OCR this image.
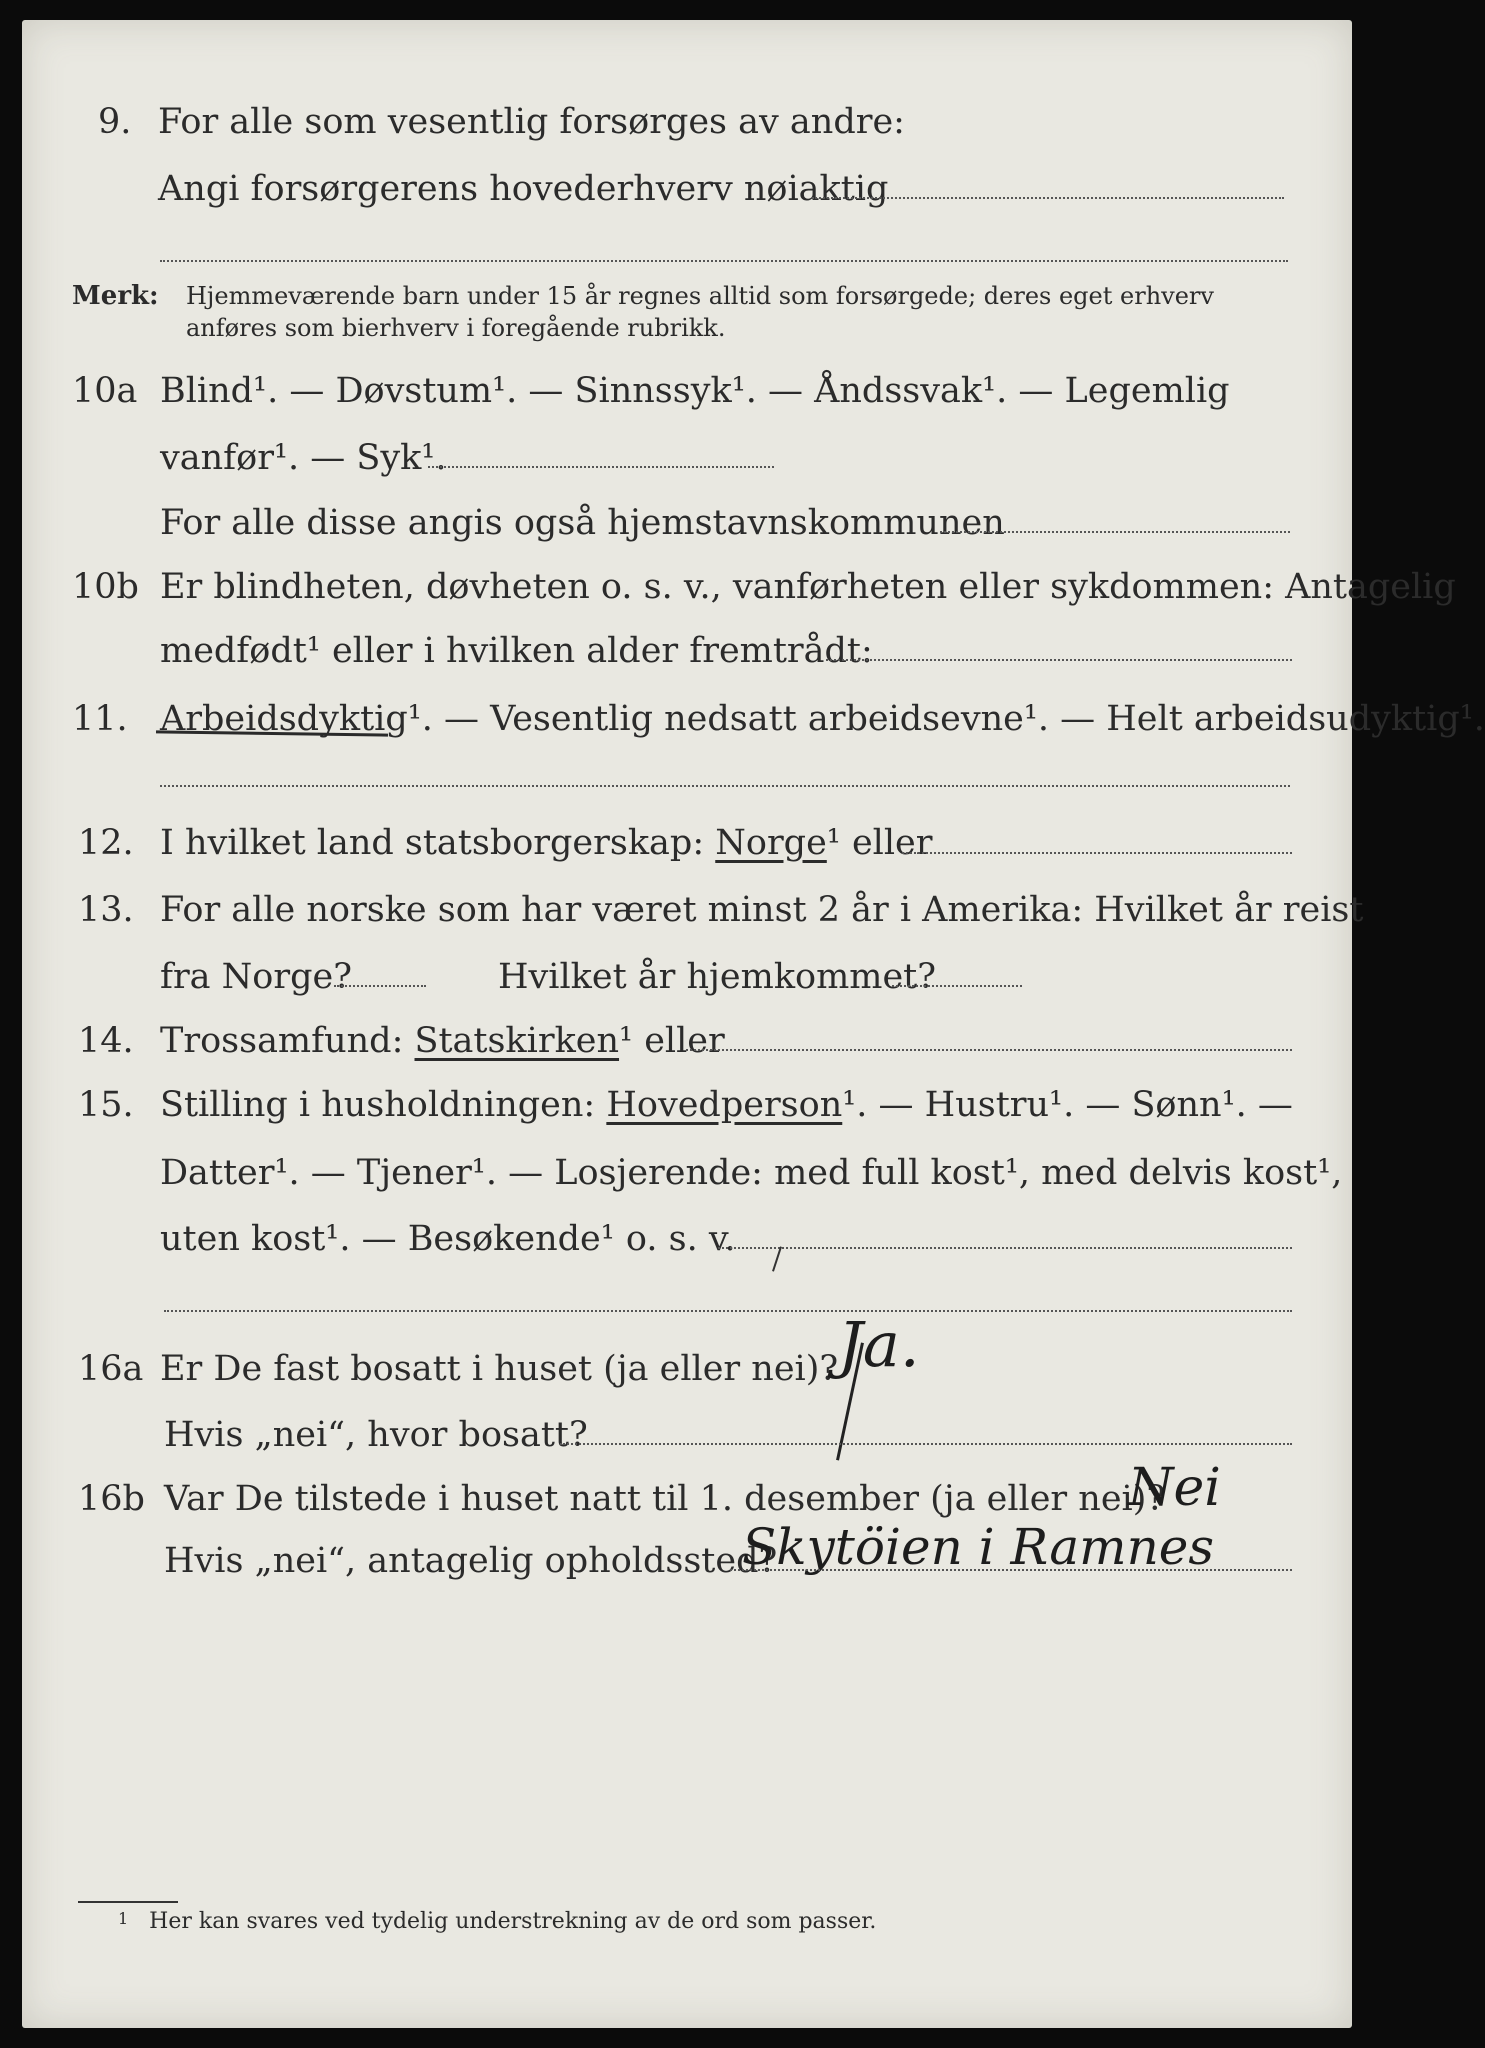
9. For alle som vesentlig forsørges av andre:
Angi forsørgerens hovederhverv nøiaktig
Merk: Hjemmeværende barn under 15 år regnes alltid som forsørgede; deres eget erhverv
anføres som bierhverv i foregående rubrikk.
10a Blind¹. — Døvstum¹. — Sinnssyk¹. — Åndssvak¹. — Legemlig
vanfør¹. — Syk¹.
For alle disse angis også hjemstavnskommunen
10b Er blindheten, døvheten o. s. v., vanførheten eller sykdommen: Antagelig
medfødt¹ eller i hvilken alder fremtrådt:
11. Arbeidsdyktig¹. — Vesentlig nedsatt arbeidsevne¹. — Helt arbeidsudyktig¹.
12. I hvilket land statsborgerskap: Norge¹ eller
13. For alle norske som har været minst 2 år i Amerika: Hvilket år reist
fra Norge?	Hvilket år hjemkommet?
14. Trossamfund: Statskirken¹ eller
15. Stilling i husholdningen: Hovedperson¹. — Hustru¹. — Sønn¹. —
Datter¹. — Tjener¹. — Losjerende: med full kost¹, med delvis kost¹,
uten kost¹. — Besøkende¹ o. s. v.
16a Er De fast bosatt i huset (ja eller nei)? Ja.
Hvis „nei“, hvor bosatt?
16b Var De tilstede i huset natt til 1. desember (ja eller nei)?
Nei
Hvis „nei“, antagelig opholdssted?
Skytöien i Ramnes
1 Her kan svares ved tydelig understrekning av de ord som passer.
